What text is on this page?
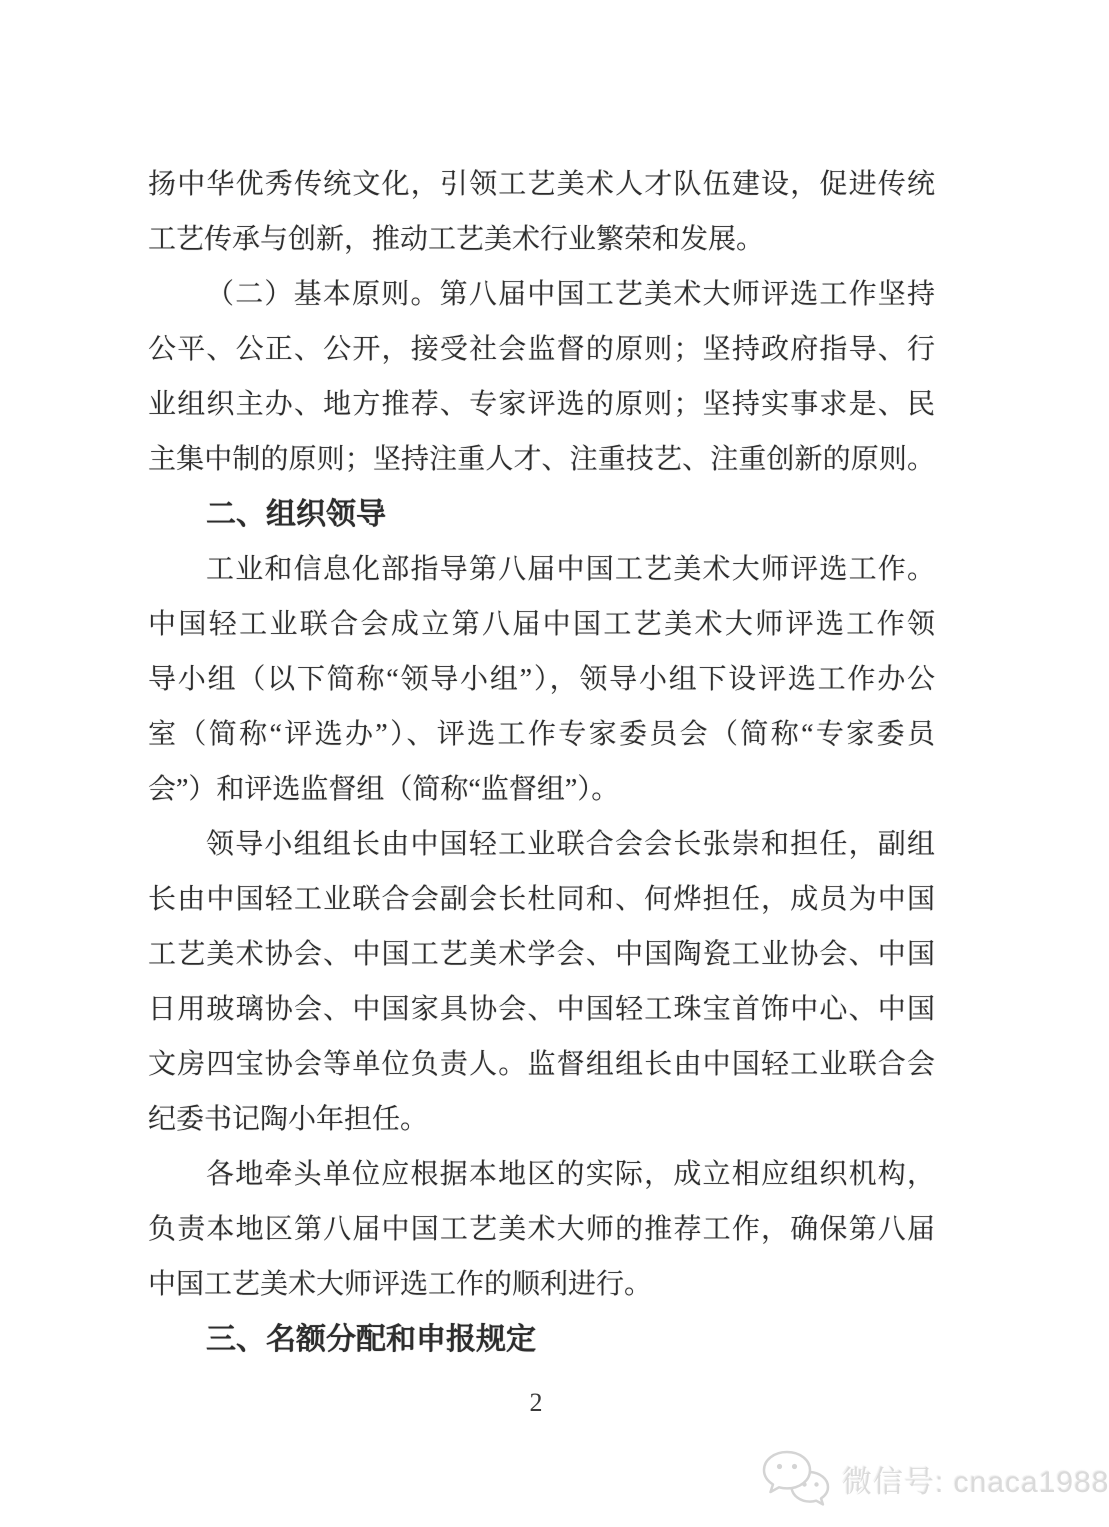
扬中华优秀传统文化，引领工艺美术人才队伍建设，促进传统
工艺传承与创新，推动工艺美术行业繁荣和发展。
（二）基本原则。第八届中国工艺美术大师评选工作坚持
公平、公正、公开，接受社会监督的原则；坚持政府指导、行
业组织主办、地方推荐、专家评选的原则；坚持实事求是、民
主集中制的原则；坚持注重人才、注重技艺、注重创新的原则。
二、组织领导
工业和信息化部指导第八届中国工艺美术大师评选工作。
中国轻工业联合会成立第八届中国工艺美术大师评选工作领
导小组（以下简称“领导小组”），领导小组下设评选工作办公
室（简称“评选办”）、评选工作专家委员会（简称“专家委员
会”）和评选监督组（简称“监督组”）。
领导小组组长由中国轻工业联合会会长张崇和担任，副组
长由中国轻工业联合会副会长杜同和、何烨担任，成员为中国
工艺美术协会、中国工艺美术学会、中国陶瓷工业协会、中国
日用玻璃协会、中国家具协会、中国轻工珠宝首饰中心、中国
文房四宝协会等单位负责人。监督组组长由中国轻工业联合会
纪委书记陶小年担任。
各地牵头单位应根据本地区的实际，成立相应组织机构，
负责本地区第八届中国工艺美术大师的推荐工作，确保第八届
中国工艺美术大师评选工作的顺利进行。
三、名额分配和申报规定
2
微信号: cnaca1988
